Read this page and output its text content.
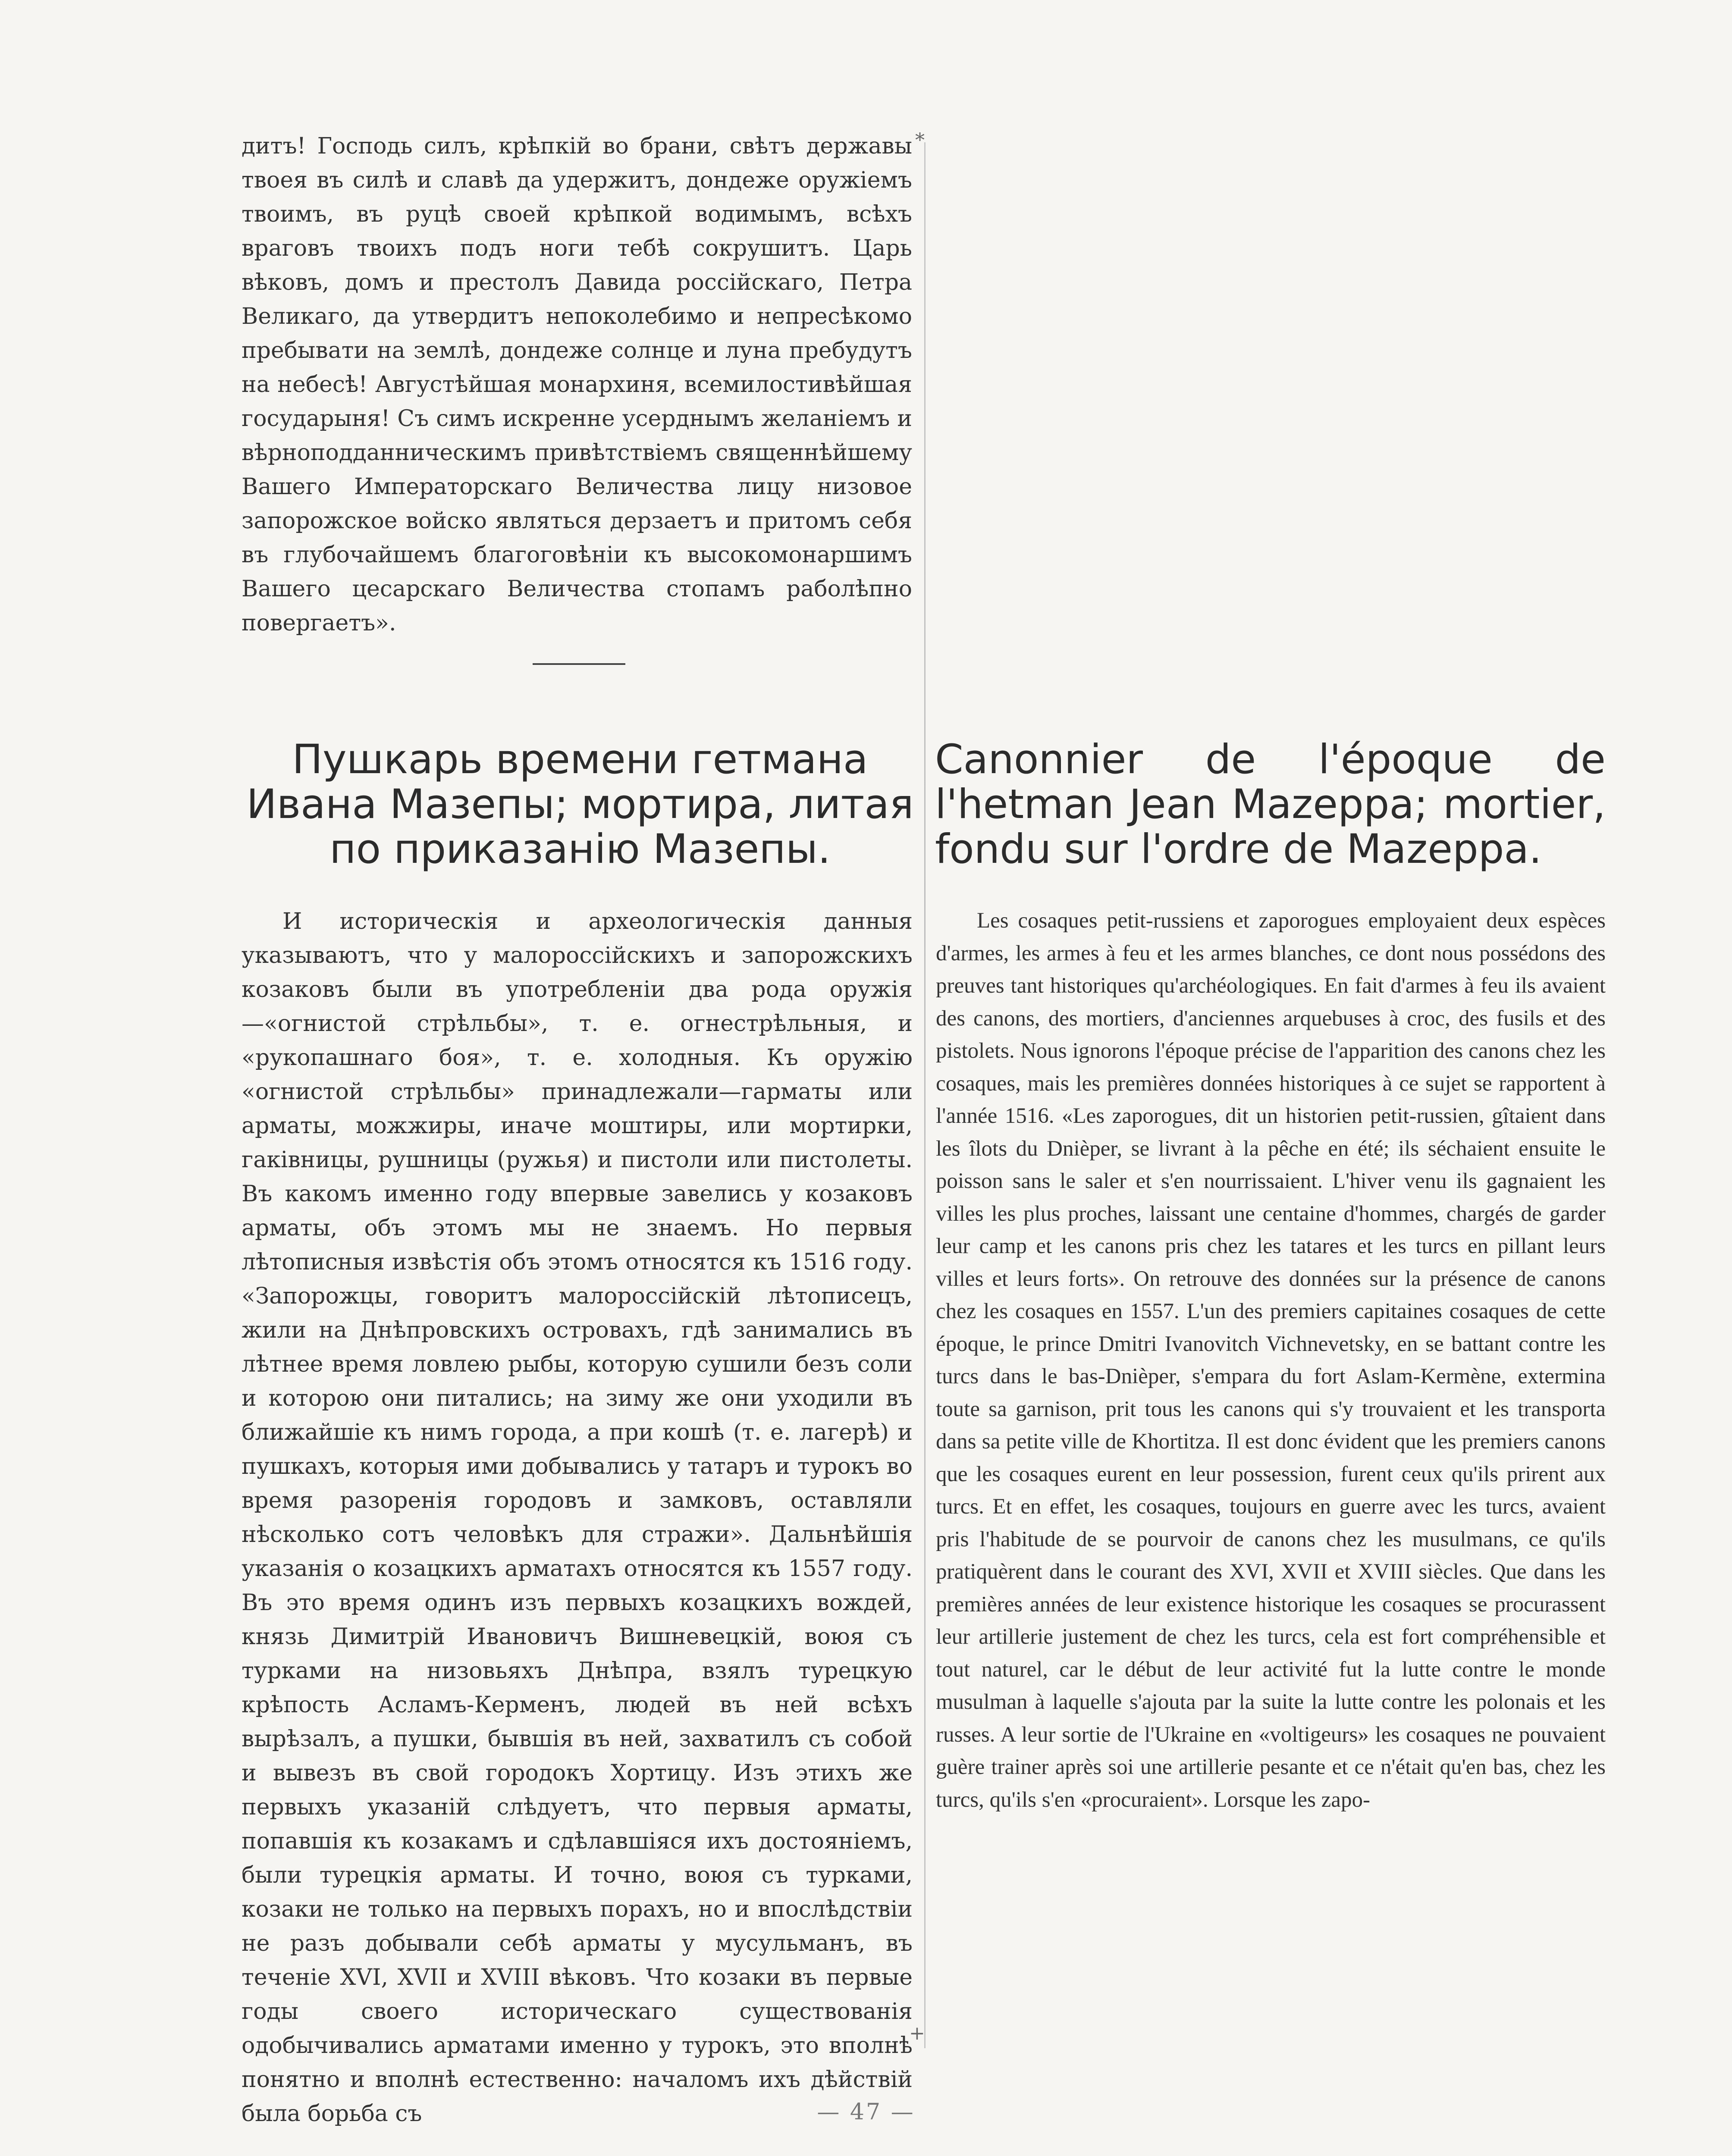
*
+

дитъ! Господь силъ, крѣпкій во брани, свѣтъ державы твоея въ силѣ и славѣ да удержитъ, дондеже оружіемъ твоимъ, въ руцѣ своей крѣпкой водимымъ, всѣхъ враговъ твоихъ подъ ноги тебѣ сокрушитъ. Царь вѣковъ, домъ и престолъ Давида россійскаго, Петра Великаго, да утвердитъ непоколебимо и непресѣкомо пребывати на землѣ, дондеже солнце и луна пребудутъ на небесѣ! Августѣйшая монархиня, всемилостивѣйшая государыня! Съ симъ искренне усерднымъ желаніемъ и вѣрноподданническимъ привѣтствіемъ священнѣйшему Вашего Императорскаго Величества лицу низовое запорожское войско являться дерзаетъ и притомъ себя въ глубочайшемъ благоговѣніи къ высокомонаршимъ Вашего цесарскаго Величества стопамъ раболѣпно повергаетъ».

Пушкарь времени гетмана Ивана Мазепы; мортира, литая по приказанію Мазепы.
Canonnier de l'époque de l'hetman Jean Mazeppa; mortier, fondu sur l'ordre de Mazeppa.

И историческія и археологическія данныя указываютъ, что у малороссійскихъ и запорожскихъ козаковъ были въ употребленіи два рода оружія—«огнистой стрѣльбы», т. е. огнестрѣльныя, и «рукопашнаго боя», т. е. холодныя. Къ оружію «огнистой стрѣльбы» принадлежали—гарматы или арматы, можжиры, иначе моштиры, или мортирки, гаківницы, рушницы (ружья) и пистоли или пистолеты. Въ какомъ именно году впервые завелись у козаковъ арматы, объ этомъ мы не знаемъ. Но первыя лѣтописныя извѣстія объ этомъ относятся къ 1516 году. «Запорожцы, говоритъ малороссійскій лѣтописецъ, жили на Днѣпровскихъ островахъ, гдѣ занимались въ лѣтнее время ловлею рыбы, которую сушили безъ соли и которою они питались; на зиму же они уходили въ ближайшіе къ нимъ города, а при кошѣ (т. е. лагерѣ) и пушкахъ, которыя ими добывались у татаръ и турокъ во время разоренія городовъ и замковъ, оставляли нѣсколько сотъ человѣкъ для стражи». Дальнѣйшія указанія о козацкихъ арматахъ относятся къ 1557 году. Въ это время одинъ изъ первыхъ козацкихъ вождей, князь Димитрій Ивановичъ Вишневецкій, воюя съ турками на низовьяхъ Днѣпра, взялъ турецкую крѣпость Асламъ-Керменъ, людей въ ней всѣхъ вырѣзалъ, а пушки, бывшія въ ней, захватилъ съ собой и вывезъ въ свой городокъ Хортицу. Изъ этихъ же первыхъ указаній слѣдуетъ, что первыя арматы, попавшія къ козакамъ и сдѣлавшіяся ихъ достояніемъ, были турецкія арматы. И точно, воюя съ турками, козаки не только на первыхъ порахъ, но и впослѣдствіи не разъ добывали себѣ арматы у мусульманъ, въ теченіе XVI, XVII и XVIII вѣковъ. Что козаки въ первые годы своего историческаго существованія одобычивались арматами именно у турокъ, это вполнѣ понятно и вполнѣ естественно: началомъ ихъ дѣйствій была борьба съ

Les cosaques petit-russiens et zaporogues employaient deux espèces d'armes, les armes à feu et les armes blanches, ce dont nous possédons des preuves tant historiques qu'archéologiques. En fait d'armes à feu ils avaient des canons, des mortiers, d'anciennes arquebuses à croc, des fusils et des pistolets. Nous ignorons l'époque précise de l'apparition des canons chez les cosaques, mais les premières données historiques à ce sujet se rapportent à l'année 1516. «Les zaporogues, dit un historien petit-russien, gîtaient dans les îlots du Dnièper, se livrant à la pêche en été; ils séchaient ensuite le poisson sans le saler et s'en nourrissaient. L'hiver venu ils gagnaient les villes les plus proches, laissant une centaine d'hommes, chargés de garder leur camp et les canons pris chez les tatares et les turcs en pillant leurs villes et leurs forts». On retrouve des données sur la présence de canons chez les cosaques en 1557. L'un des premiers capitaines cosaques de cette époque, le prince Dmitri Ivanovitch Vichnevetsky, en se battant contre les turcs dans le bas-Dnièper, s'empara du fort Aslam-Kermène, extermina toute sa garnison, prit tous les canons qui s'y trouvaient et les transporta dans sa petite ville de Khortitza. Il est donc évident que les premiers canons que les cosaques eurent en leur possession, furent ceux qu'ils prirent aux turcs. Et en effet, les cosaques, toujours en guerre avec les turcs, avaient pris l'habitude de se pourvoir de canons chez les musulmans, ce qu'ils pratiquèrent dans le courant des XVI, XVII et XVIII siècles. Que dans les premières années de leur existence historique les cosaques se procurassent leur artillerie justement de chez les turcs, cela est fort compréhensible et tout naturel, car le début de leur activité fut la lutte contre le monde musulman à laquelle s'ajouta par la suite la lutte contre les polonais et les russes. A leur sortie de l'Ukraine en «voltigeurs» les cosaques ne pouvaient guère trainer après soi une artillerie pesante et ce n'était qu'en bas, chez les turcs, qu'ils s'en «procuraient». Lorsque les zapo-

— 47 —
